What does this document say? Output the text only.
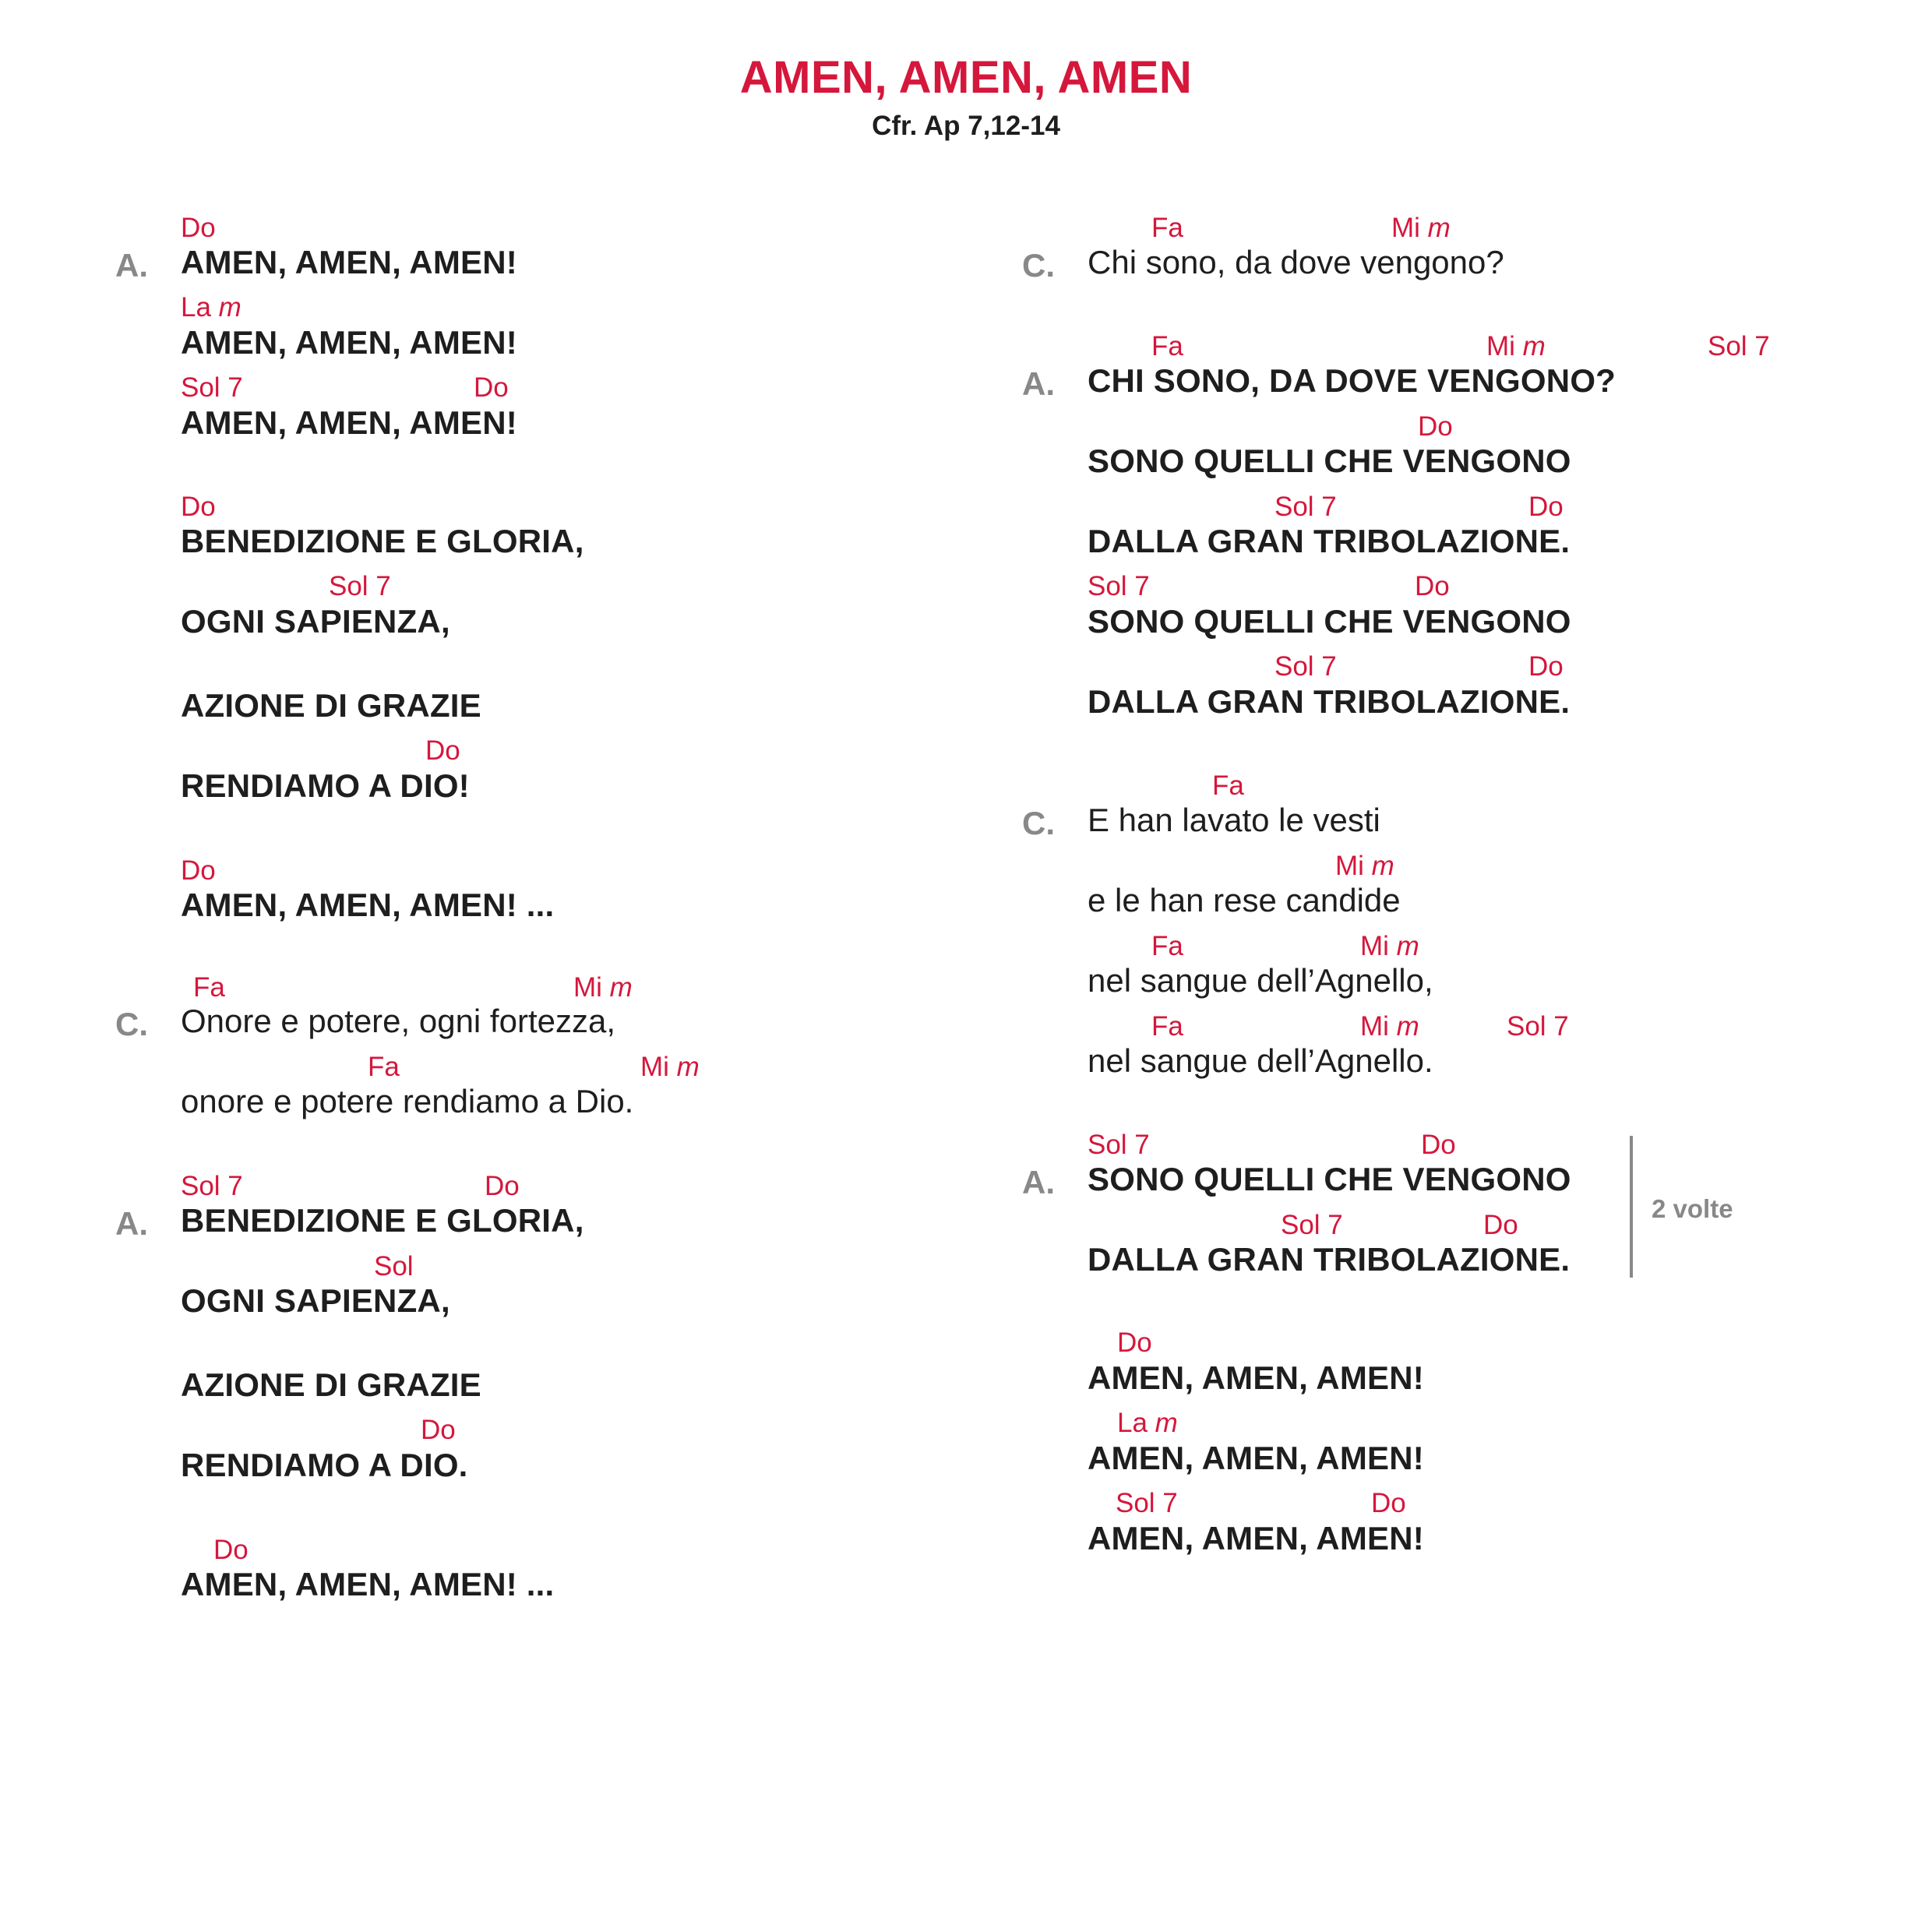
AMEN, AMEN, AMEN
Cfr. Ap 7,12-14
Do
A. AMEN, AMEN, AMEN!
La m
AMEN, AMEN, AMEN!
Sol 7	Do
AMEN, AMEN, AMEN!
Do
BENEDIZIONE E GLORIA,
Sol 7
OGNI SAPIENZA,
AZIONE DI GRAZIE
Do
RENDIAMO A DIO!
Do
AMEN, AMEN, AMEN! ...
Fa	Mi m
C. Onore e potere, ogni fortezza,
Fa	Mi m
onore e potere rendiamo a Dio.
Sol 7	Do
A. BENEDIZIONE E GLORIA,
Sol
OGNI SAPIENZA,
AZIONE DI GRAZIE
Do
RENDIAMO A DIO.
Do
AMEN, AMEN, AMEN! ...
Fa	Mi m
C. Chi sono, da dove vengono?
Fa	Mi m	Sol 7
A. CHI SONO, DA DOVE VENGONO?
Do
SONO QUELLI CHE VENGONO
Sol 7	Do
DALLA GRAN TRIBOLAZIONE.
Sol 7	Do
SONO QUELLI CHE VENGONO
Sol 7	Do
DALLA GRAN TRIBOLAZIONE.
Fa
C. E han lavato le vesti
Mi m
e le han rese candide
Fa	Mi m
nel sangue dell’Agnello,
Fa	Mi m	Sol 7
nel sangue dell’Agnello.
Sol 7	Do
A. SONO QUELLI CHE VENGONO
Sol 7	Do
DALLA GRAN TRIBOLAZIONE.
2 volte
Do
AMEN, AMEN, AMEN!
La m
AMEN, AMEN, AMEN!
Sol 7	Do
AMEN, AMEN, AMEN!
